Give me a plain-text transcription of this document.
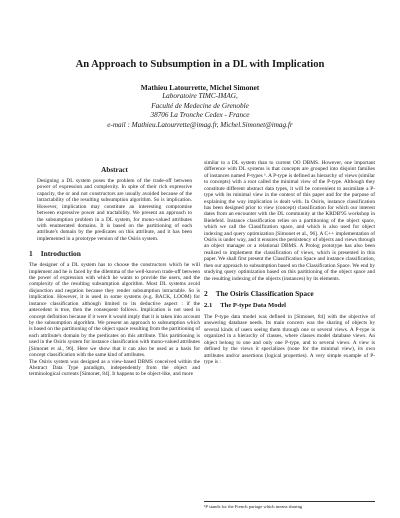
An Approach to Subsumption in a DL with Implication
Mathieu Latourrette, Michel Simonet
Laboratoire TIMC-IMAG,
Faculté de Medecine de Grenoble
38706 La Tronche Cedex - France
e-mail : Mathieu.Latourrette@imag.fr, Michel.Simonet@imag.fr
Abstract

Designing a DL system poses the problem of the trade-off between power of expression and complexity. In spite of their rich expressive capacity, the or and not constructors are usually avoided because of the intractability of the resulting subsumption algorithm. So is implication. However, implication may constitute an interesting compromise between expressive power and tractability. We present an approach to the subsumption problem in a DL system, for mono-valued attributes with enumerated domains. It is based on the partitioning of each attribute's domain by the predicates on this attribute, and it has been implemented in a prototype version of the Osiris system.

1 Introduction

The designer of a DL system has to choose the constructors which he will implement and he is faced by the dilemma of the well-known trade-off between the power of expression with which he wants to provide the users, and the complexity of the resulting subsumption algorithm. Most DL systems avoid disjunction and negation because they render subsumption intractable. So is implication. However, it is used in some systems (e.g. BACK, LOOM) for instance classification although limited to its deductive aspect : if the antecedent is true, then the consequent follows. Implication is not used in concept definition because if it were it would imply that it is taken into account by the subsumption algorithm. We present an approach to subsumption which is based on the partitioning of the object space resulting from the partitioning of each attribute's domain by the predicates on this attribute. This partitioning is used in the Osiris system for instance classification with mono-valued attributes [Simonet et al., 96]. Here we show that it can also be used as a basis for concept classification with the same kind of attributes.

The Osiris system was designed as a view-based DBMS conceived within the Abstract Data Type paradigm, independently from the object and terminological currents [Simonet, 84]. It happens to be object-like, and more

similar to a DL system than to current OO DBMS. However, one important difference with DL systems is that concepts are grouped into disjoint families of instances named P-types ¹. A P-type is defined as hierarchy of views (similar to concepts) with a root called the minimal view of the P-type. Although they constitute different abstract data types, it will be convenient to assimilate a P-type with its minimal view in the context of this paper and for the purpose of explaining the way implication is dealt with. In Osiris, instance classification has been designed prior to view (concept) classification for which our interest dates from an encounter with the DL community at the KRDB'95 workshop in Bielefeld. Instance classification relies on a partitioning of the object space, which we call the Classification space, and which is also used for object indexing and query optimization [Simonet et al., 96]. A C++ implementation of Osiris is under way, and it ensures the persistency of objects and views through an object manager or a relational DBMS. A Prolog prototype has also been realized to implement the classification of views, which is presented in this paper. We shall first present the Classification Space and instance classification, then our approach to subsumption based on the Classification Space. We end by studying query optimization based on this partitioning of the object space and the resulting indexing of the objects (instances) by its elements.

2 The Osiris Classification Space
2.1 The P-type Data Model

The P-type data model was defined in [Simonet, 84] with the objective of answering database needs. Its main concern was the sharing of objects by several kinds of users seeing them through one or several views. A P-type is organized in a hierarchy of classes, where classes model database views. An object belong to one and only one P-type, and to several views. A view is defined by the views it specializes (none for the minimal view), its own attributes and/or assertions (logical properties). A very simple example of P-type is :

¹P stands for the French partage which means sharing
